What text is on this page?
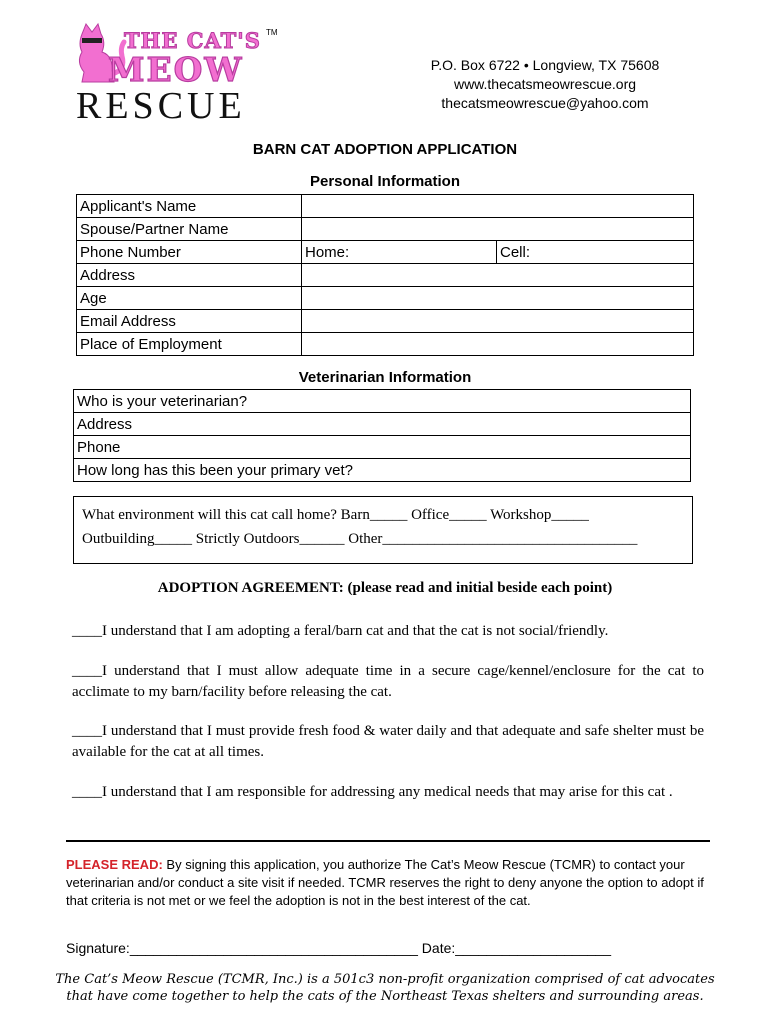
THE CAT'S TM
MEOW
RESCUE
P.O. Box 6722 • Longview, TX 75608
www.thecatsmeowrescue.org
thecatsmeowrescue@yahoo.com
BARN CAT ADOPTION APPLICATION
Personal Information
Applicant's Name		
Spouse/Partner Name		
Phone Number	Home:	Cell:
Address		
Age		
Email Address		
Place of Employment		
Veterinarian Information
Who is your veterinarian?
Address
Phone
How long has this been your primary vet?
What environment will this cat call home? Barn_____ Office_____ Workshop_____
Outbuilding_____ Strictly Outdoors______ Other__________________________________
ADOPTION AGREEMENT: (please read and initial beside each point)
____I understand that I am adopting a feral/barn cat and that the cat is not social/friendly.
____I understand that I must allow adequate time in a secure cage/kennel/enclosure for the cat to acclimate to my barn/facility before releasing the cat.
____I understand that I must provide fresh food & water daily and that adequate and safe shelter must be available for the cat at all times.
____I understand that I am responsible for addressing any medical needs that may arise for this cat .
PLEASE READ: By signing this application, you authorize The Cat’s Meow Rescue (TCMR) to contact your veterinarian and/or conduct a site visit if needed. TCMR reserves the right to deny anyone the option to adopt if that criteria is not met or we feel the adoption is not in the best interest of the cat.
Signature:_____________________________________ Date:____________________
The Cat’s Meow Rescue (TCMR, Inc.) is a 501c3 non-profit organization comprised of cat advocates
that have come together to help the cats of the Northeast Texas shelters and surrounding areas.
